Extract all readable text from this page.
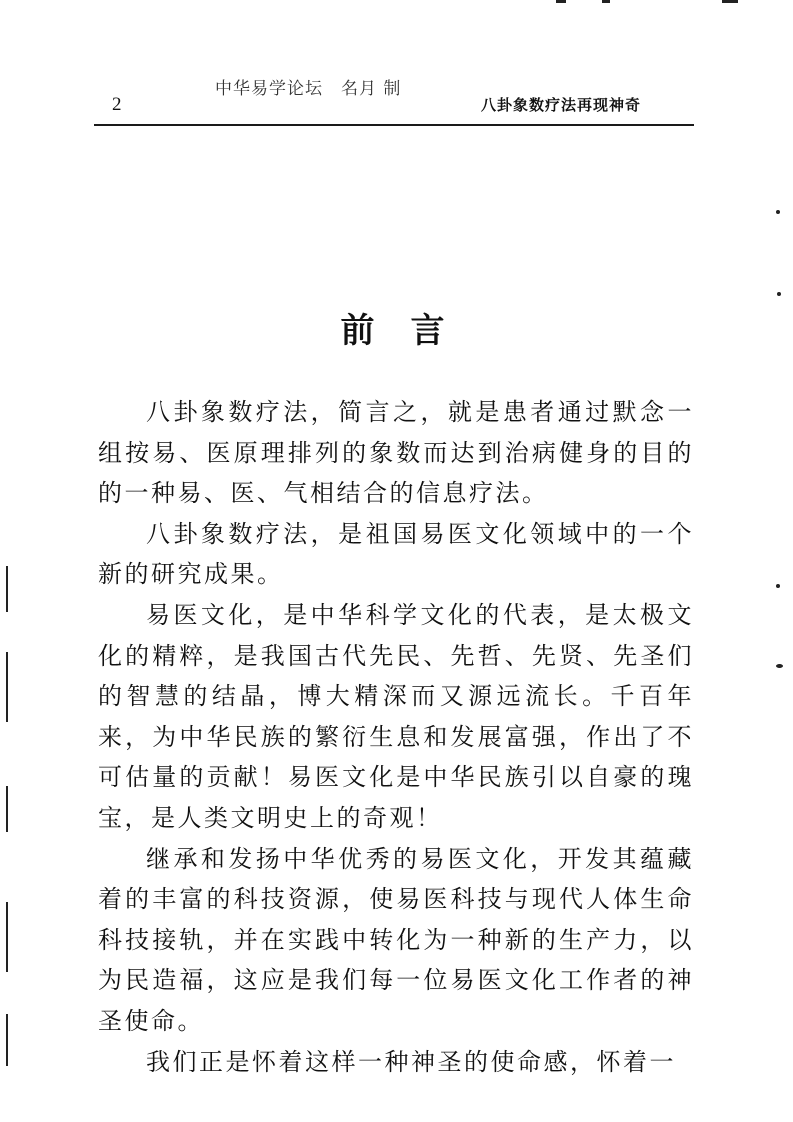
2
中华易学论坛　名月 制
八卦象数疗法再现神奇
前言

八卦象数疗法，简言之，就是患者通过默念一组按易、医原理排列的象数而达到治病健身的目的的一种易、医、气相结合的信息疗法。

八卦象数疗法，是祖国易医文化领域中的一个新的研究成果。

易医文化，是中华科学文化的代表，是太极文化的精粹，是我国古代先民、先哲、先贤、先圣们的智慧的结晶，博大精深而又源远流长。千百年来，为中华民族的繁衍生息和发展富强，作出了不可估量的贡献！易医文化是中华民族引以自豪的瑰宝，是人类文明史上的奇观！

继承和发扬中华优秀的易医文化，开发其蕴藏着的丰富的科技资源，使易医科技与现代人体生命科技接轨，并在实践中转化为一种新的生产力，以为民造福，这应是我们每一位易医文化工作者的神圣使命。

我们正是怀着这样一种神圣的使命感，怀着一
